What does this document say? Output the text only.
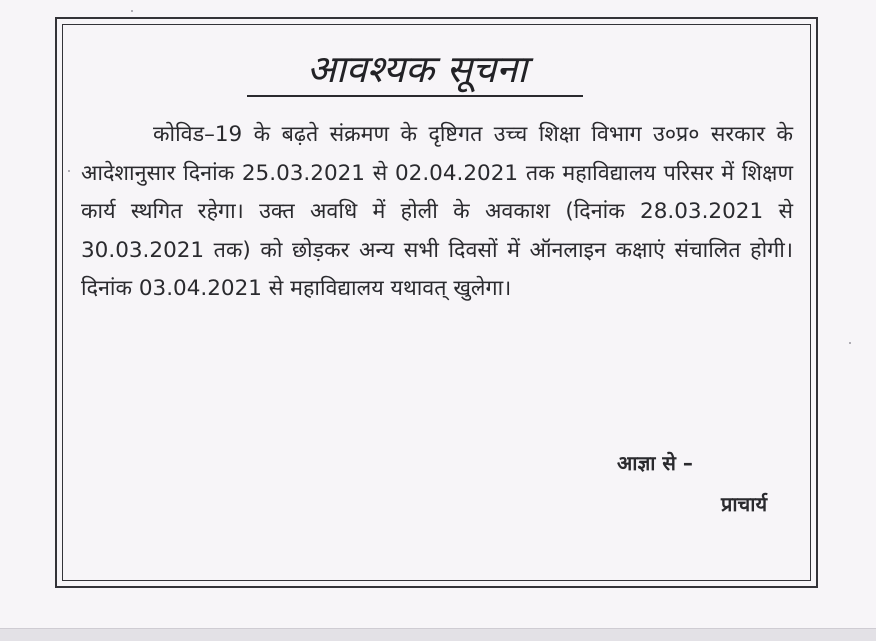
आवश्यक सूचना

कोविड–19 के बढ़ते संक्रमण के दृष्टिगत उच्च शिक्षा विभाग उ०प्र० सरकार के आदेशानुसार दिनांक 25.03.2021 से 02.04.2021 तक महाविद्यालय परिसर में शिक्षण कार्य स्थगित रहेगा। उक्त अवधि में होली के अवकाश (दिनांक 28.03.2021 से 30.03.2021 तक) को छोड़कर अन्य सभी दिवसों में ऑनलाइन कक्षाएं संचालित होगी। दिनांक 03.04.2021 से महाविद्यालय यथावत् खुलेगा।

आज्ञा से –
प्राचार्य
